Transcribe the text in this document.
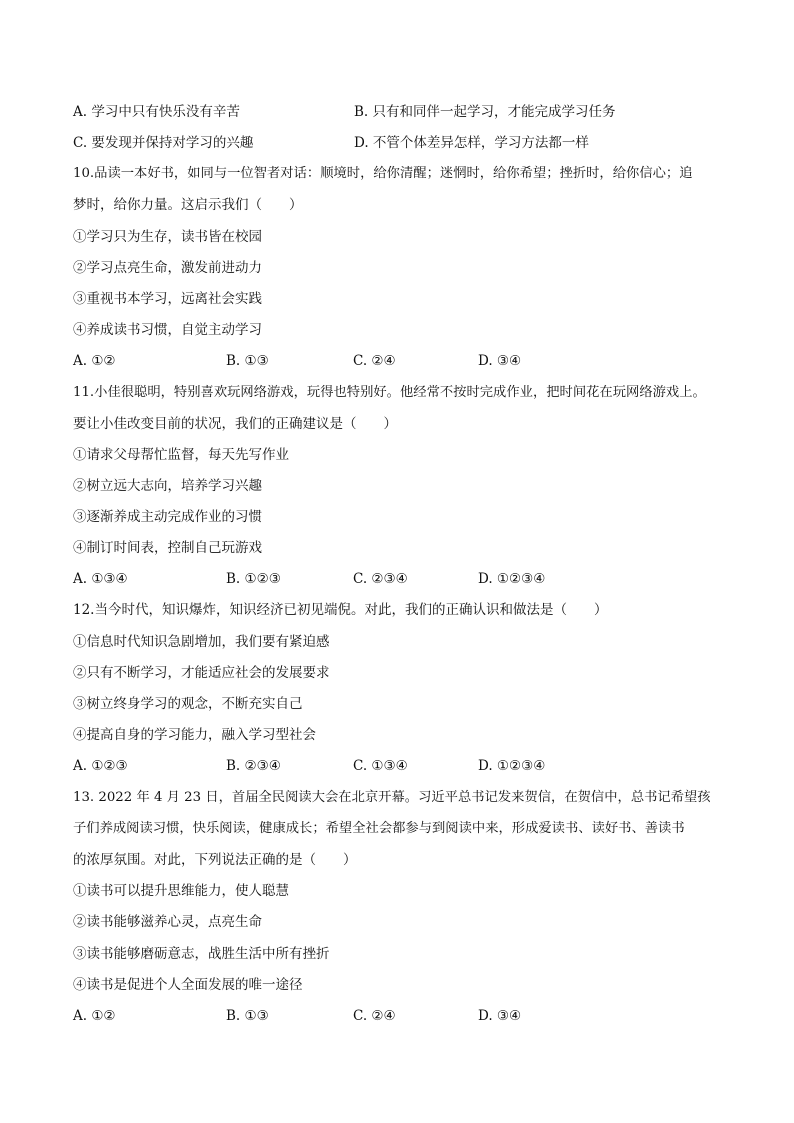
A. 学习中只有快乐没有辛苦	B. 只有和同伴一起学习，才能完成学习任务
C. 要发现并保持对学习的兴趣	D. 不管个体差异怎样，学习方法都一样
10.品读一本好书，如同与一位智者对话：顺境时，给你清醒；迷惘时，给你希望；挫折时，给你信心；追
梦时，给你力量。这启示我们（　　）
①学习只为生存，读书皆在校园
②学习点亮生命，激发前进动力
③重视书本学习，远离社会实践
④养成读书习惯，自觉主动学习
A. ①②	B. ①③	C. ②④	D. ③④
11.小佳很聪明，特别喜欢玩网络游戏，玩得也特别好。他经常不按时完成作业，把时间花在玩网络游戏上。
要让小佳改变目前的状况，我们的正确建议是（　　）
①请求父母帮忙监督，每天先写作业
②树立远大志向，培养学习兴趣
③逐渐养成主动完成作业的习惯
④制订时间表，控制自己玩游戏
A. ①③④	B. ①②③	C. ②③④	D. ①②③④
12.当今时代，知识爆炸，知识经济已初见端倪。对此，我们的正确认识和做法是（　　）
①信息时代知识急剧增加，我们要有紧迫感
②只有不断学习，才能适应社会的发展要求
③树立终身学习的观念，不断充实自己
④提高自身的学习能力，融入学习型社会
A. ①②③	B. ②③④	C. ①③④	D. ①②③④
13. 2022 年 4 月 23 日，首届全民阅读大会在北京开幕。习近平总书记发来贺信，在贺信中，总书记希望孩
子们养成阅读习惯，快乐阅读，健康成长；希望全社会都参与到阅读中来，形成爱读书、读好书、善读书
的浓厚氛围。对此，下列说法正确的是（　　）
①读书可以提升思维能力，使人聪慧
②读书能够滋养心灵，点亮生命
③读书能够磨砺意志，战胜生活中所有挫折
④读书是促进个人全面发展的唯一途径
A. ①②	B. ①③	C. ②④	D. ③④
